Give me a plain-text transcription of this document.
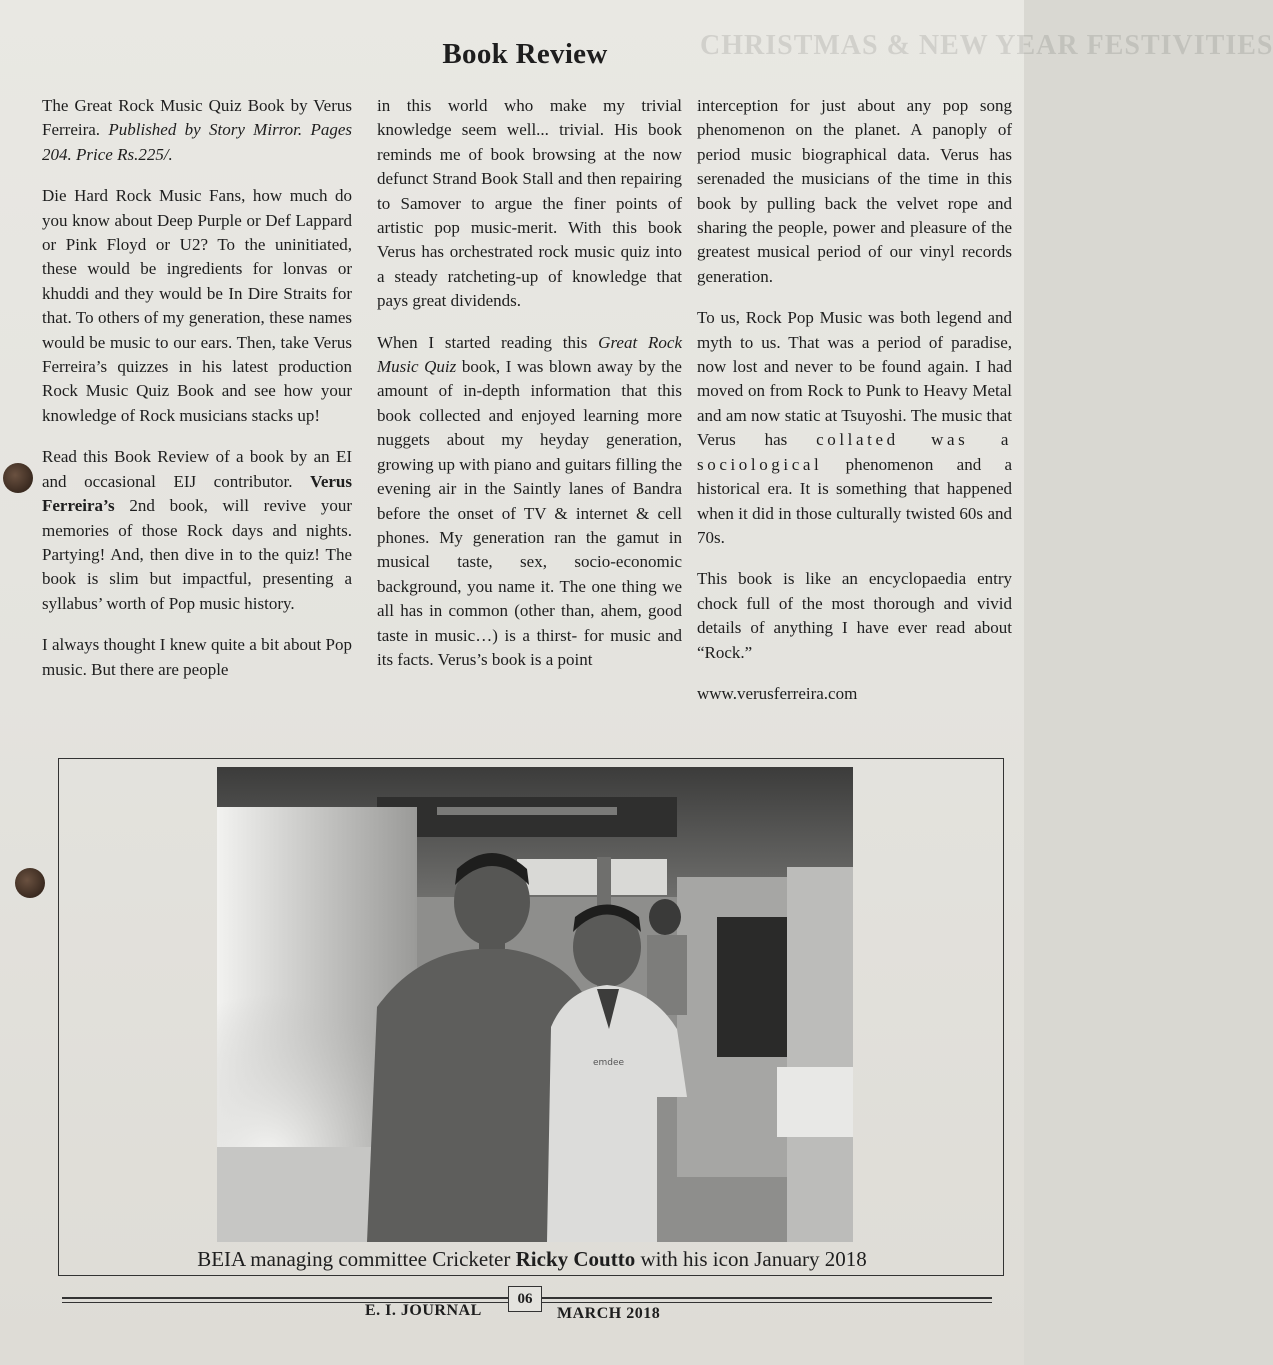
CHRISTMAS & NEW YEAR FESTIVITIES
Book Review

The Great Rock Music Quiz Book by Verus Ferreira. Published by Story Mirror. Pages 204. Price Rs.225/.

Die Hard Rock Music Fans, how much do you know about Deep Purple or Def Lappard or Pink Floyd or U2? To the uninitiated, these would be ingredients for lonvas or khuddi and they would be In Dire Straits for that. To others of my generation, these names would be music to our ears. Then, take Verus Ferreira’s quizzes in his latest production Rock Music Quiz Book and see how your knowledge of Rock musicians stacks up!

Read this Book Review of a book by an EI and occasional EIJ contributor. Verus Ferreira’s 2nd book, will revive your memories of those Rock days and nights. Partying! And, then dive in to the quiz! The book is slim but impactful, presenting a syllabus’ worth of Pop music history.

I always thought I knew quite a bit about Pop music. But there are people

in this world who make my trivial knowledge seem well... trivial. His book reminds me of book browsing at the now defunct Strand Book Stall and then repairing to Samover to argue the finer points of artistic pop music-merit. With this book Verus has orchestrated rock music quiz into a steady ratcheting-up of knowledge that pays great dividends.

When I started reading this Great Rock Music Quiz book, I was blown away by the amount of in-depth information that this book collected and enjoyed learning more nuggets about my heyday generation, growing up with piano and guitars filling the evening air in the Saintly lanes of Bandra before the onset of TV & internet & cell phones. My generation ran the gamut in musical taste, sex, socio-economic background, you name it. The one thing we all has in common (other than, ahem, good taste in music…) is a thirst- for music and its facts. Verus’s book is a point

interception for just about any pop song phenomenon on the planet. A panoply of period music biographical data. Verus has serenaded the musicians of the time in this book by pulling back the velvet rope and sharing the people, power and pleasure of the greatest musical period of our vinyl records generation.

To us, Rock Pop Music was both legend and myth to us. That was a period of paradise, now lost and never to be found again. I had moved on from Rock to Punk to Heavy Metal and am now static at Tsuyoshi. The music that Verus has collated was a sociological phenomenon and a historical era. It is something that happened when it did in those culturally twisted 60s and 70s.

This book is like an encyclopaedia entry chock full of the most thorough and vivid details of anything I have ever read about “Rock.”

www.verusferreira.com

emdee
BEIA managing committee Cricketer Ricky Coutto with his icon January 2018
E. I. JOURNAL
06
MARCH 2018
